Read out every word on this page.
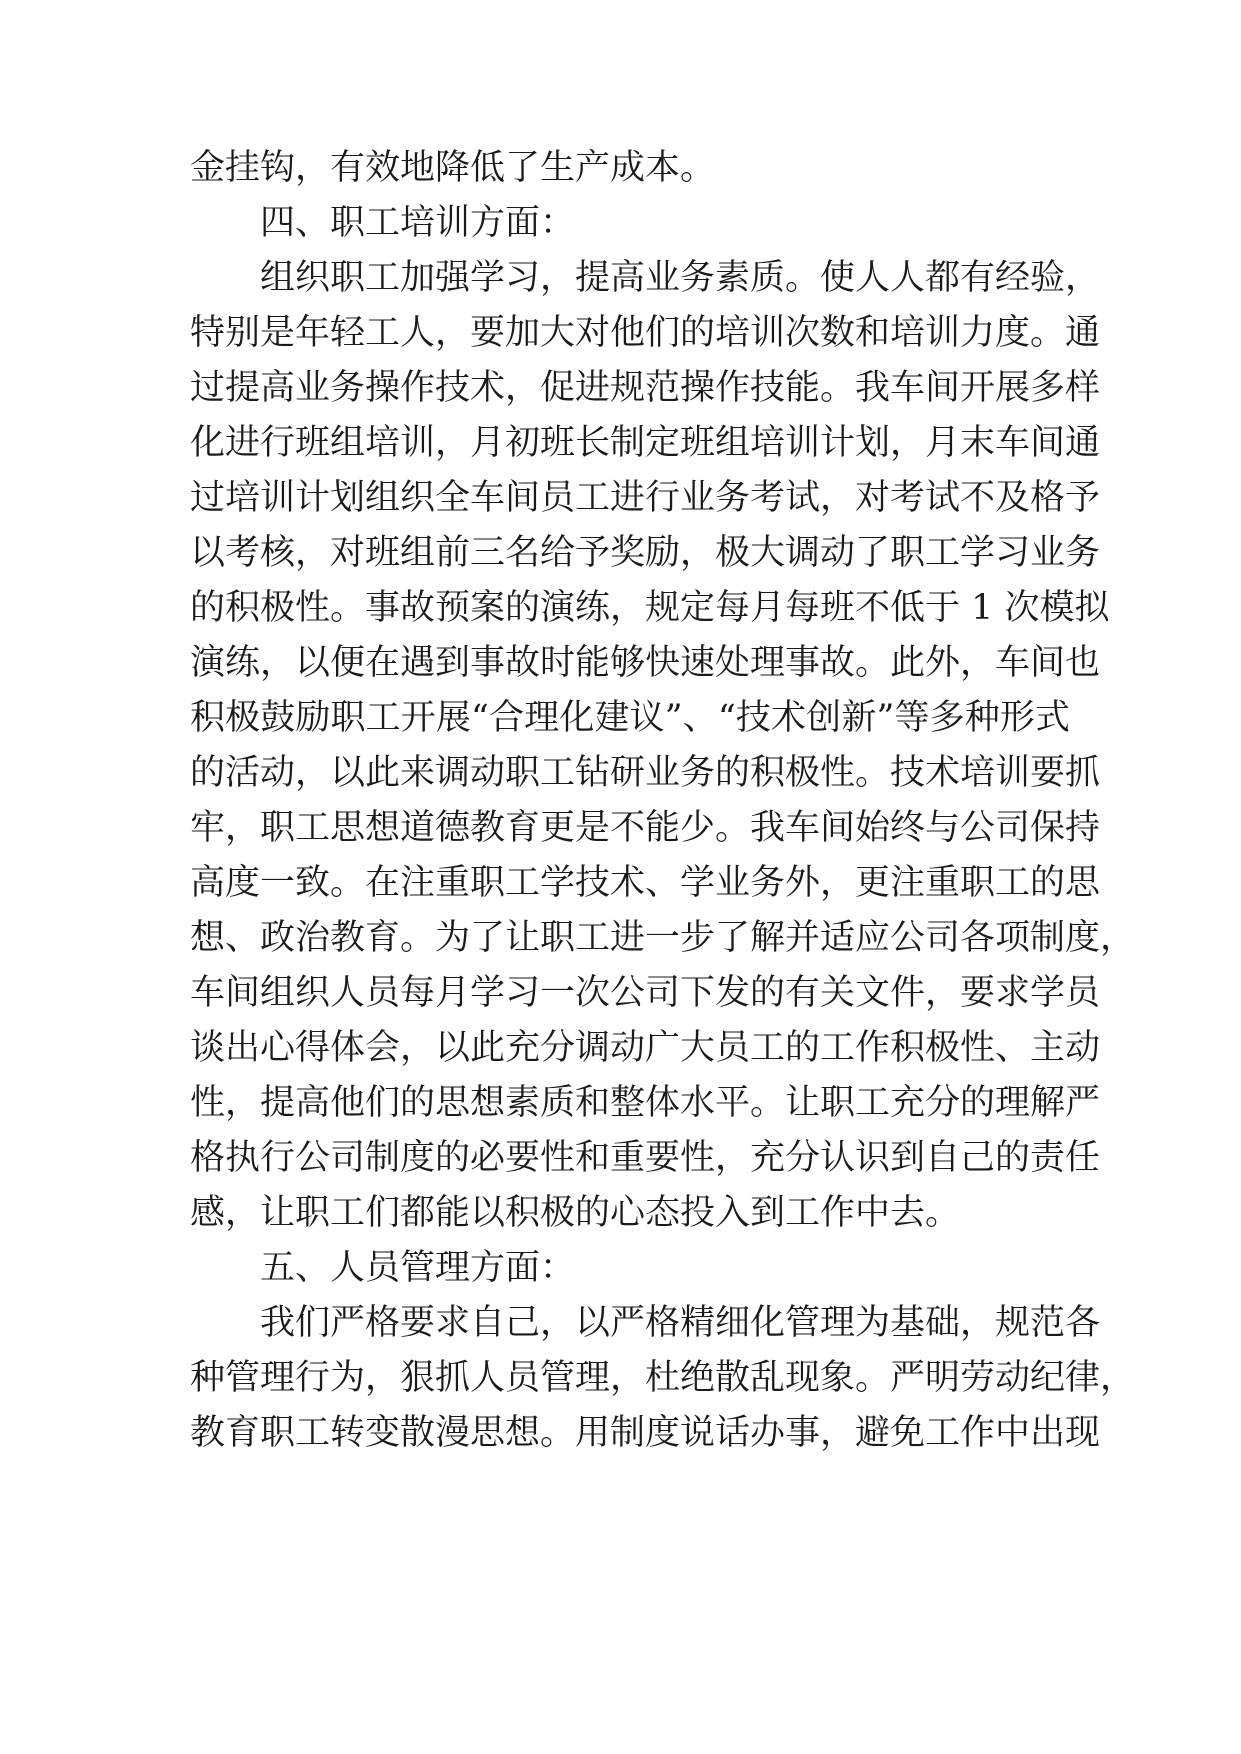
金挂钩，有效地降低了生产成本。

四、职工培训方面：

组织职工加强学习，提高业务素质。使人人都有经验，

特别是年轻工人，要加大对他们的培训次数和培训力度。通

过提高业务操作技术，促进规范操作技能。我车间开展多样

化进行班组培训，月初班长制定班组培训计划，月末车间通

过培训计划组织全车间员工进行业务考试，对考试不及格予

以考核，对班组前三名给予奖励，极大调动了职工学习业务

的积极性。事故预案的演练，规定每月每班不低于 1 次模拟

演练，以便在遇到事故时能够快速处理事故。此外，车间也

积极鼓励职工开展“合理化建议”、“技术创新”等多种形式

的活动，以此来调动职工钻研业务的积极性。技术培训要抓

牢，职工思想道德教育更是不能少。我车间始终与公司保持

高度一致。在注重职工学技术、学业务外，更注重职工的思

想、政治教育。为了让职工进一步了解并适应公司各项制度，

车间组织人员每月学习一次公司下发的有关文件，要求学员

谈出心得体会，以此充分调动广大员工的工作积极性、主动

性，提高他们的思想素质和整体水平。让职工充分的理解严

格执行公司制度的必要性和重要性，充分认识到自己的责任

感，让职工们都能以积极的心态投入到工作中去。

五、人员管理方面：

我们严格要求自己，以严格精细化管理为基础，规范各

种管理行为，狠抓人员管理，杜绝散乱现象。严明劳动纪律，

教育职工转变散漫思想。用制度说话办事，避免工作中出现
